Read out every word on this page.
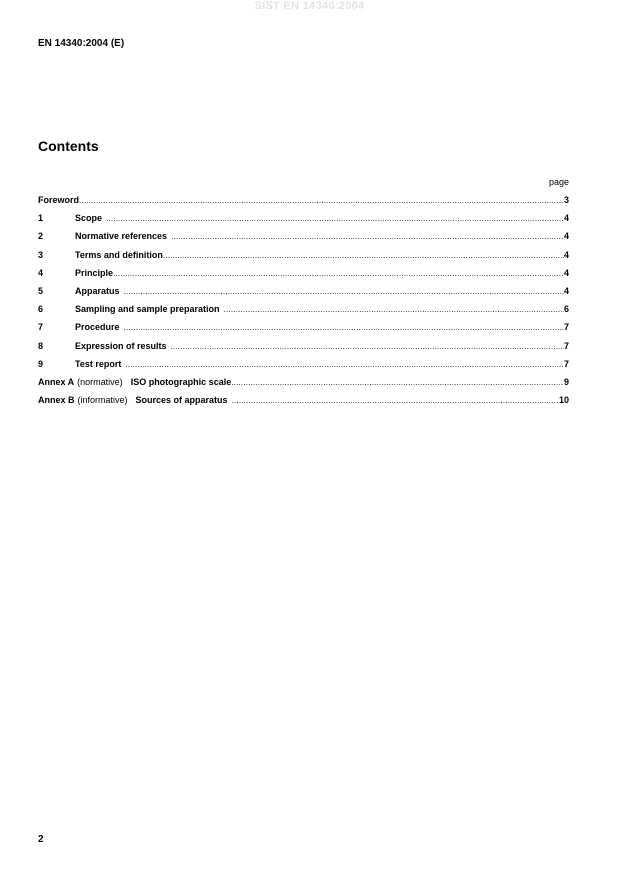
SIST EN 14340:2004
EN 14340:2004 (E)
Contents
page
Foreword .....	3
1	Scope .....	4
2	Normative references .....	4
3	Terms and definition .....	4
4	Principle .....	4
5	Apparatus .....	4
6	Sampling and sample preparation .....	6
7	Procedure .....	7
8	Expression of results .....	7
9	Test report .....	7
Annex A (normative) ISO photographic scale .....	9
Annex B (informative) Sources of apparatus .....	10
2
